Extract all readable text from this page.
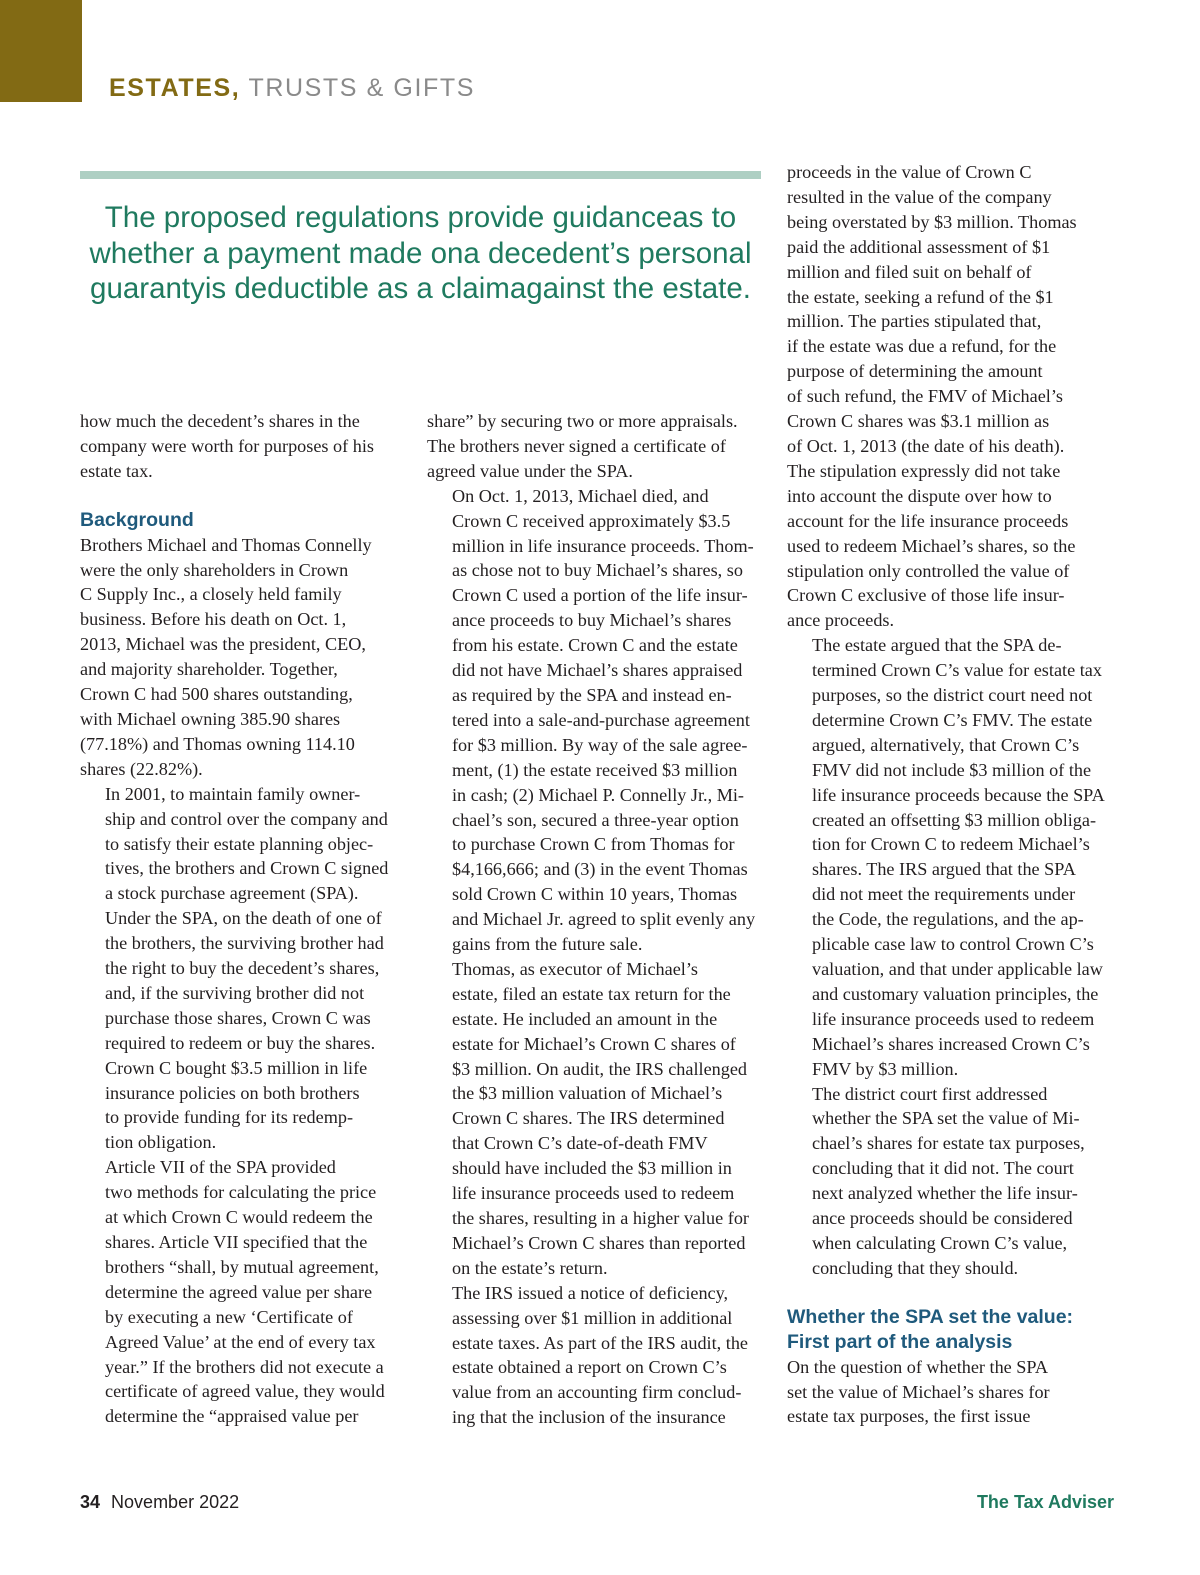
ESTATES, TRUSTS & GIFTS
The proposed regulations provide guidanceas to whether a payment made ona decedent’s personal guarantyis deductible as a claimagainst the estate.

how much the decedent’s shares in the
company were worth for purposes of his
estate tax.

Background

Brothers Michael and Thomas Connelly
were the only shareholders in Crown
C Supply Inc., a closely held family
business. Before his death on Oct. 1,
2013, Michael was the president, CEO,
and majority shareholder. Together,
Crown C had 500 shares outstanding,
with Michael owning 385.90 shares
(77.18%) and Thomas owning 114.10
shares (22.82%).

In 2001, to maintain family owner-
ship and control over the company and
to satisfy their estate planning objec-
tives, the brothers and Crown C signed
a stock purchase agreement (SPA).
Under the SPA, on the death of one of
the brothers, the surviving brother had
the right to buy the decedent’s shares,
and, if the surviving brother did not
purchase those shares, Crown C was
required to redeem or buy the shares.
Crown C bought $3.5 million in life
insurance policies on both brothers
to provide funding for its redemp-
tion obligation.

Article VII of the SPA provided
two methods for calculating the price
at which Crown C would redeem the
shares. Article VII specified that the
brothers “shall, by mutual agreement,
determine the agreed value per share
by executing a new ‘Certificate of
Agreed Value’ at the end of every tax
year.” If the brothers did not execute a
certificate of agreed value, they would
determine the “appraised value per

share” by securing two or more appraisals.
The brothers never signed a certificate of
agreed value under the SPA.

On Oct. 1, 2013, Michael died, and
Crown C received approximately $3.5
million in life insurance proceeds. Thom-
as chose not to buy Michael’s shares, so
Crown C used a portion of the life insur-
ance proceeds to buy Michael’s shares
from his estate. Crown C and the estate
did not have Michael’s shares appraised
as required by the SPA and instead en-
tered into a sale-and-purchase agreement
for $3 million. By way of the sale agree-
ment, (1) the estate received $3 million
in cash; (2) Michael P. Connelly Jr., Mi-
chael’s son, secured a three-year option
to purchase Crown C from Thomas for
$4,166,666; and (3) in the event Thomas
sold Crown C within 10 years, Thomas
and Michael Jr. agreed to split evenly any
gains from the future sale.

Thomas, as executor of Michael’s
estate, filed an estate tax return for the
estate. He included an amount in the
estate for Michael’s Crown C shares of
$3 million. On audit, the IRS challenged
the $3 million valuation of Michael’s
Crown C shares. The IRS determined
that Crown C’s date-of-death FMV
should have included the $3 million in
life insurance proceeds used to redeem
the shares, resulting in a higher value for
Michael’s Crown C shares than reported
on the estate’s return.

The IRS issued a notice of deficiency,
assessing over $1 million in additional
estate taxes. As part of the IRS audit, the
estate obtained a report on Crown C’s
value from an accounting firm conclud-
ing that the inclusion of the insurance

proceeds in the value of Crown C
resulted in the value of the company
being overstated by $3 million. Thomas
paid the additional assessment of $1
million and filed suit on behalf of
the estate, seeking a refund of the $1
million. The parties stipulated that,
if the estate was due a refund, for the
purpose of determining the amount
of such refund, the FMV of Michael’s
Crown C shares was $3.1 million as
of Oct. 1, 2013 (the date of his death).
The stipulation expressly did not take
into account the dispute over how to
account for the life insurance proceeds
used to redeem Michael’s shares, so the
stipulation only controlled the value of
Crown C exclusive of those life insur-
ance proceeds.

The estate argued that the SPA de-
termined Crown C’s value for estate tax
purposes, so the district court need not
determine Crown C’s FMV. The estate
argued, alternatively, that Crown C’s
FMV did not include $3 million of the
life insurance proceeds because the SPA
created an offsetting $3 million obliga-
tion for Crown C to redeem Michael’s
shares. The IRS argued that the SPA
did not meet the requirements under
the Code, the regulations, and the ap-
plicable case law to control Crown C’s
valuation, and that under applicable law
and customary valuation principles, the
life insurance proceeds used to redeem
Michael’s shares increased Crown C’s
FMV by $3 million.

The district court first addressed
whether the SPA set the value of Mi-
chael’s shares for estate tax purposes,
concluding that it did not. The court
next analyzed whether the life insur-
ance proceeds should be considered
when calculating Crown C’s value,
concluding that they should.

Whether the SPA set the value:
First part of the analysis

On the question of whether the SPA
set the value of Michael’s shares for
estate tax purposes, the first issue

34 November 2022	The Tax Adviser
